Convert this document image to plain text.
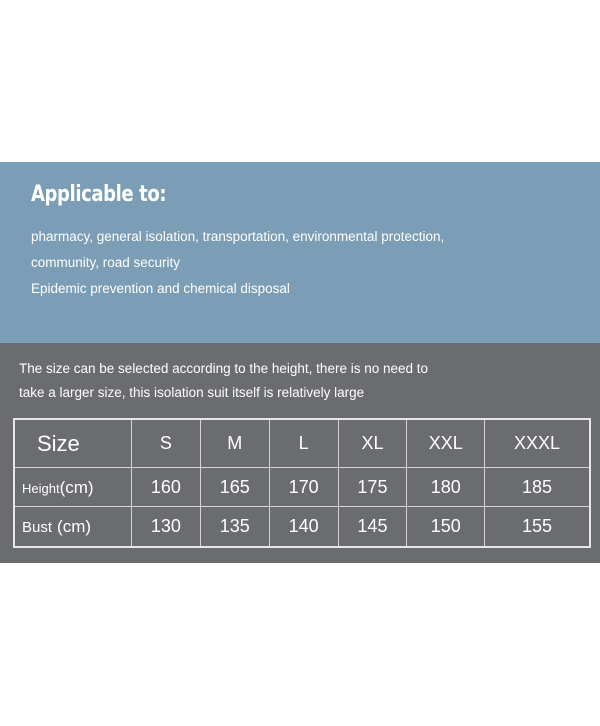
Applicable to:
pharmacy, general isolation, transportation, environmental protection,
community, road security
Epidemic prevention and chemical disposal
The size can be selected according to the height, there is no need to
take a larger size, this isolation suit itself is relatively large
Size	S	M	L	XL	XXL	XXXL
Height(cm)	160	165	170	175	180	185
Bust (cm)	130	135	140	145	150	155
